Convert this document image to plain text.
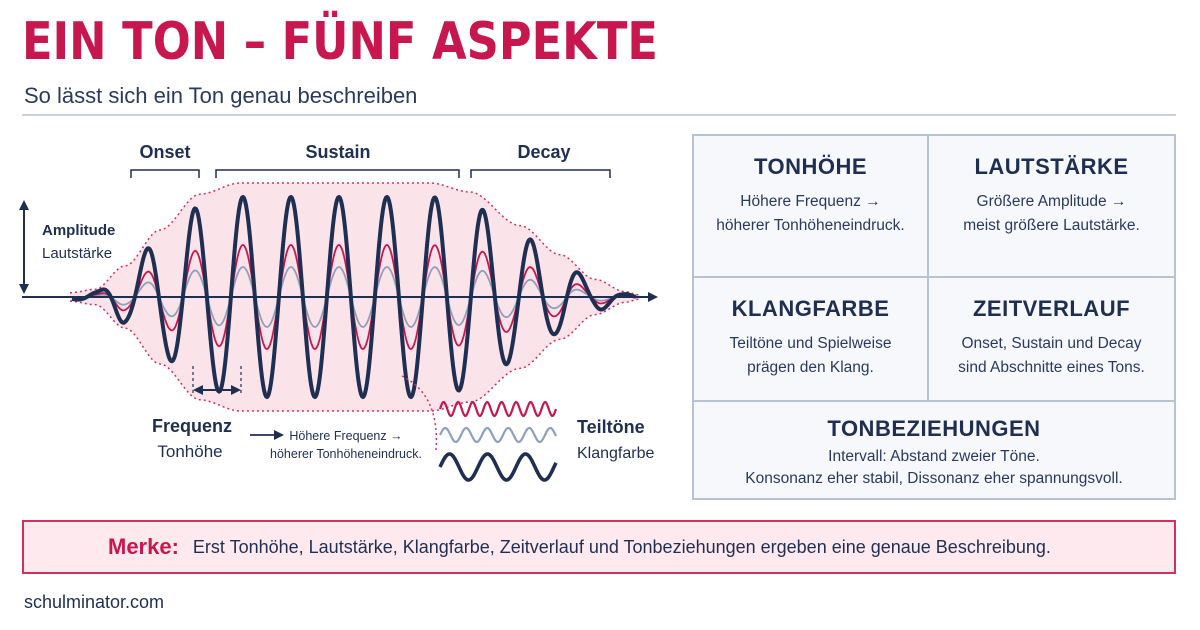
EIN TON – FÜNF ASPEKTE
So lässt sich ein Ton genau beschreiben
Onset	Sustain	Decay
Amplitude
Lautstärke
Frequenz
Tonhöhe
Höhere Frequenz →
höherer Tonhöheneindruck.
Teiltöne
Klangfarbe
TONHÖHE

Höhere Frequenz →
höherer Tonhöheneindruck.

LAUTSTÄRKE

Größere Amplitude →
meist größere Lautstärke.

KLANGFARBE

Teiltöne und Spielweise
prägen den Klang.

ZEITVERLAUF

Onset, Sustain und Decay
sind Abschnitte eines Tons.

TONBEZIEHUNGEN

Intervall: Abstand zweier Töne.
Konsonanz eher stabil, Dissonanz eher spannungsvoll.

Merke: Erst Tonhöhe, Lautstärke, Klangfarbe, Zeitverlauf und Tonbeziehungen ergeben eine genaue Beschreibung.
schulminator.com
